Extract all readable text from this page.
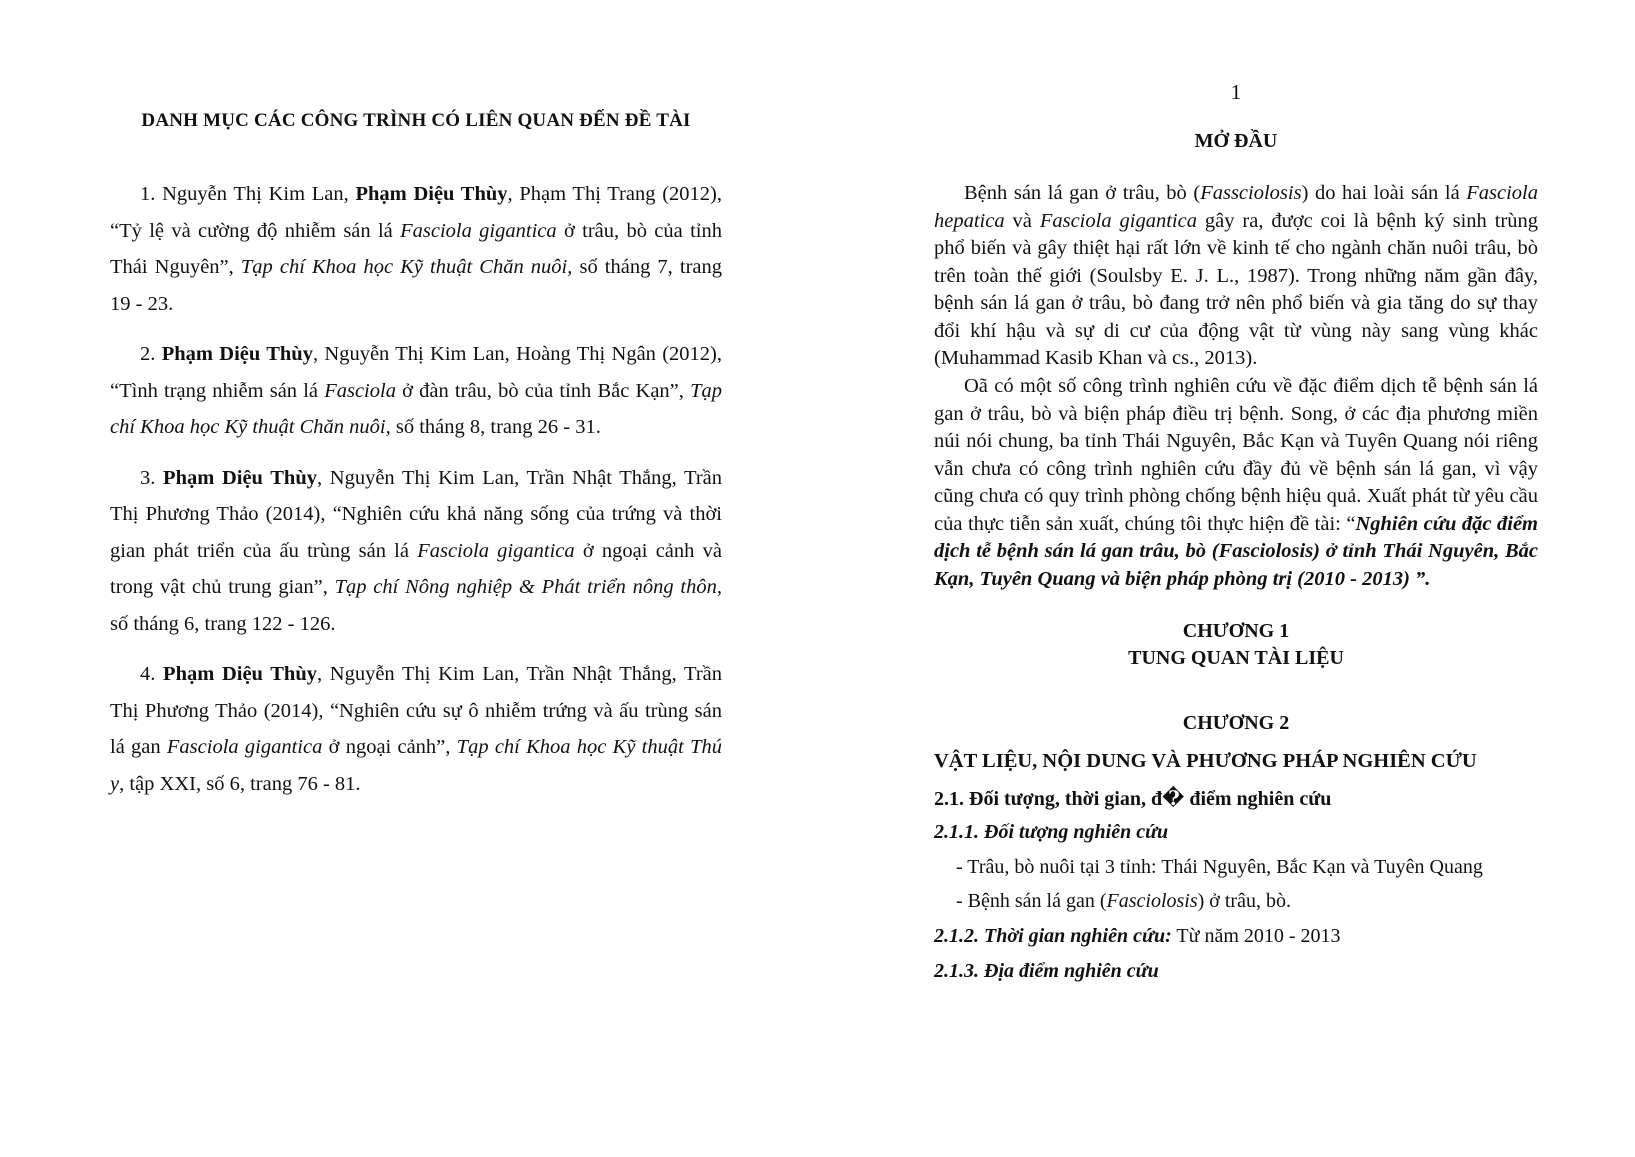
DANH MỤC CÁC CÔNG TRÌNH CÓ LIÊN QUAN ĐẾN ĐỀ TÀI

1. Nguyễn Thị Kim Lan, Phạm Diệu Thùy, Phạm Thị Trang (2012), “Tỷ lệ và cường độ nhiễm sán lá Fasciola gigantica ở trâu, bò của tỉnh Thái Nguyên”, Tạp chí Khoa học Kỹ thuật Chăn nuôi, số tháng 7, trang 19 - 23.

2. Phạm Diệu Thùy, Nguyễn Thị Kim Lan, Hoàng Thị Ngân (2012), “Tình trạng nhiễm sán lá Fasciola ở đàn trâu, bò của tỉnh Bắc Kạn”, Tạp chí Khoa học Kỹ thuật Chăn nuôi, số tháng 8, trang 26 - 31.

3. Phạm Diệu Thùy, Nguyễn Thị Kim Lan, Trần Nhật Thắng, Trần Thị Phương Thảo (2014), “Nghiên cứu khả năng sống của trứng và thời gian phát triển của ấu trùng sán lá Fasciola gigantica ở ngoại cảnh và trong vật chủ trung gian”, Tạp chí Nông nghiệp & Phát triển nông thôn, số tháng 6, trang 122 - 126.

4. Phạm Diệu Thùy, Nguyễn Thị Kim Lan, Trần Nhật Thắng, Trần Thị Phương Thảo (2014), “Nghiên cứu sự ô nhiễm trứng và ấu trùng sán lá gan Fasciola gigantica ở ngoại cảnh”, Tạp chí Khoa học Kỹ thuật Thú y, tập XXI, số 6, trang 76 - 81.

1
MỞ ĐẦU

Bệnh sán lá gan ở trâu, bò (Fassciolosis) do hai loài sán lá Fasciola hepatica và Fasciola gigantica gây ra, được coi là bệnh ký sinh trùng phổ biến và gây thiệt hại rất lớn về kinh tế cho ngành chăn nuôi trâu, bò trên toàn thế giới (Soulsby E. J. L., 1987). Trong những năm gần đây, bệnh sán lá gan ở trâu, bò đang trở nên phổ biến và gia tăng do sự thay đổi khí hậu và sự di cư của động vật từ vùng này sang vùng khác (Muhammad Kasib Khan và cs., 2013).

Oã có một số công trình nghiên cứu về đặc điểm dịch tễ bệnh sán lá gan ở trâu, bò và biện pháp điều trị bệnh. Song, ở các địa phương miền núi nói chung, ba tỉnh Thái Nguyên, Bắc Kạn và Tuyên Quang nói riêng vẫn chưa có công trình nghiên cứu đầy đủ về bệnh sán lá gan, vì vậy cũng chưa có quy trình phòng chống bệnh hiệu quả. Xuất phát từ yêu cầu của thực tiễn sản xuất, chúng tôi thực hiện đề tài: “Nghiên cứu đặc điểm dịch tễ bệnh sán lá gan trâu, bò (Fasciolosis) ở tỉnh Thái Nguyên, Bắc Kạn, Tuyên Quang và biện pháp phòng trị (2010 - 2013) ”.

CHƯƠNG 1
TUNG QUAN TÀI LIỆU
CHƯƠNG 2
VẬT LIỆU, NỘI DUNG VÀ PHƯƠNG PHÁP NGHIÊN CỨU
2.1. Đối tượng, thời gian, đ� điểm nghiên cứu
2.1.1. Đối tượng nghiên cứu
- Trâu, bò nuôi tại 3 tỉnh: Thái Nguyên, Bắc Kạn và Tuyên Quang
- Bệnh sán lá gan (Fasciolosis) ở trâu, bò.
2.1.2. Thời gian nghiên cứu: Từ năm 2010 - 2013
2.1.3. Địa điểm nghiên cứu
